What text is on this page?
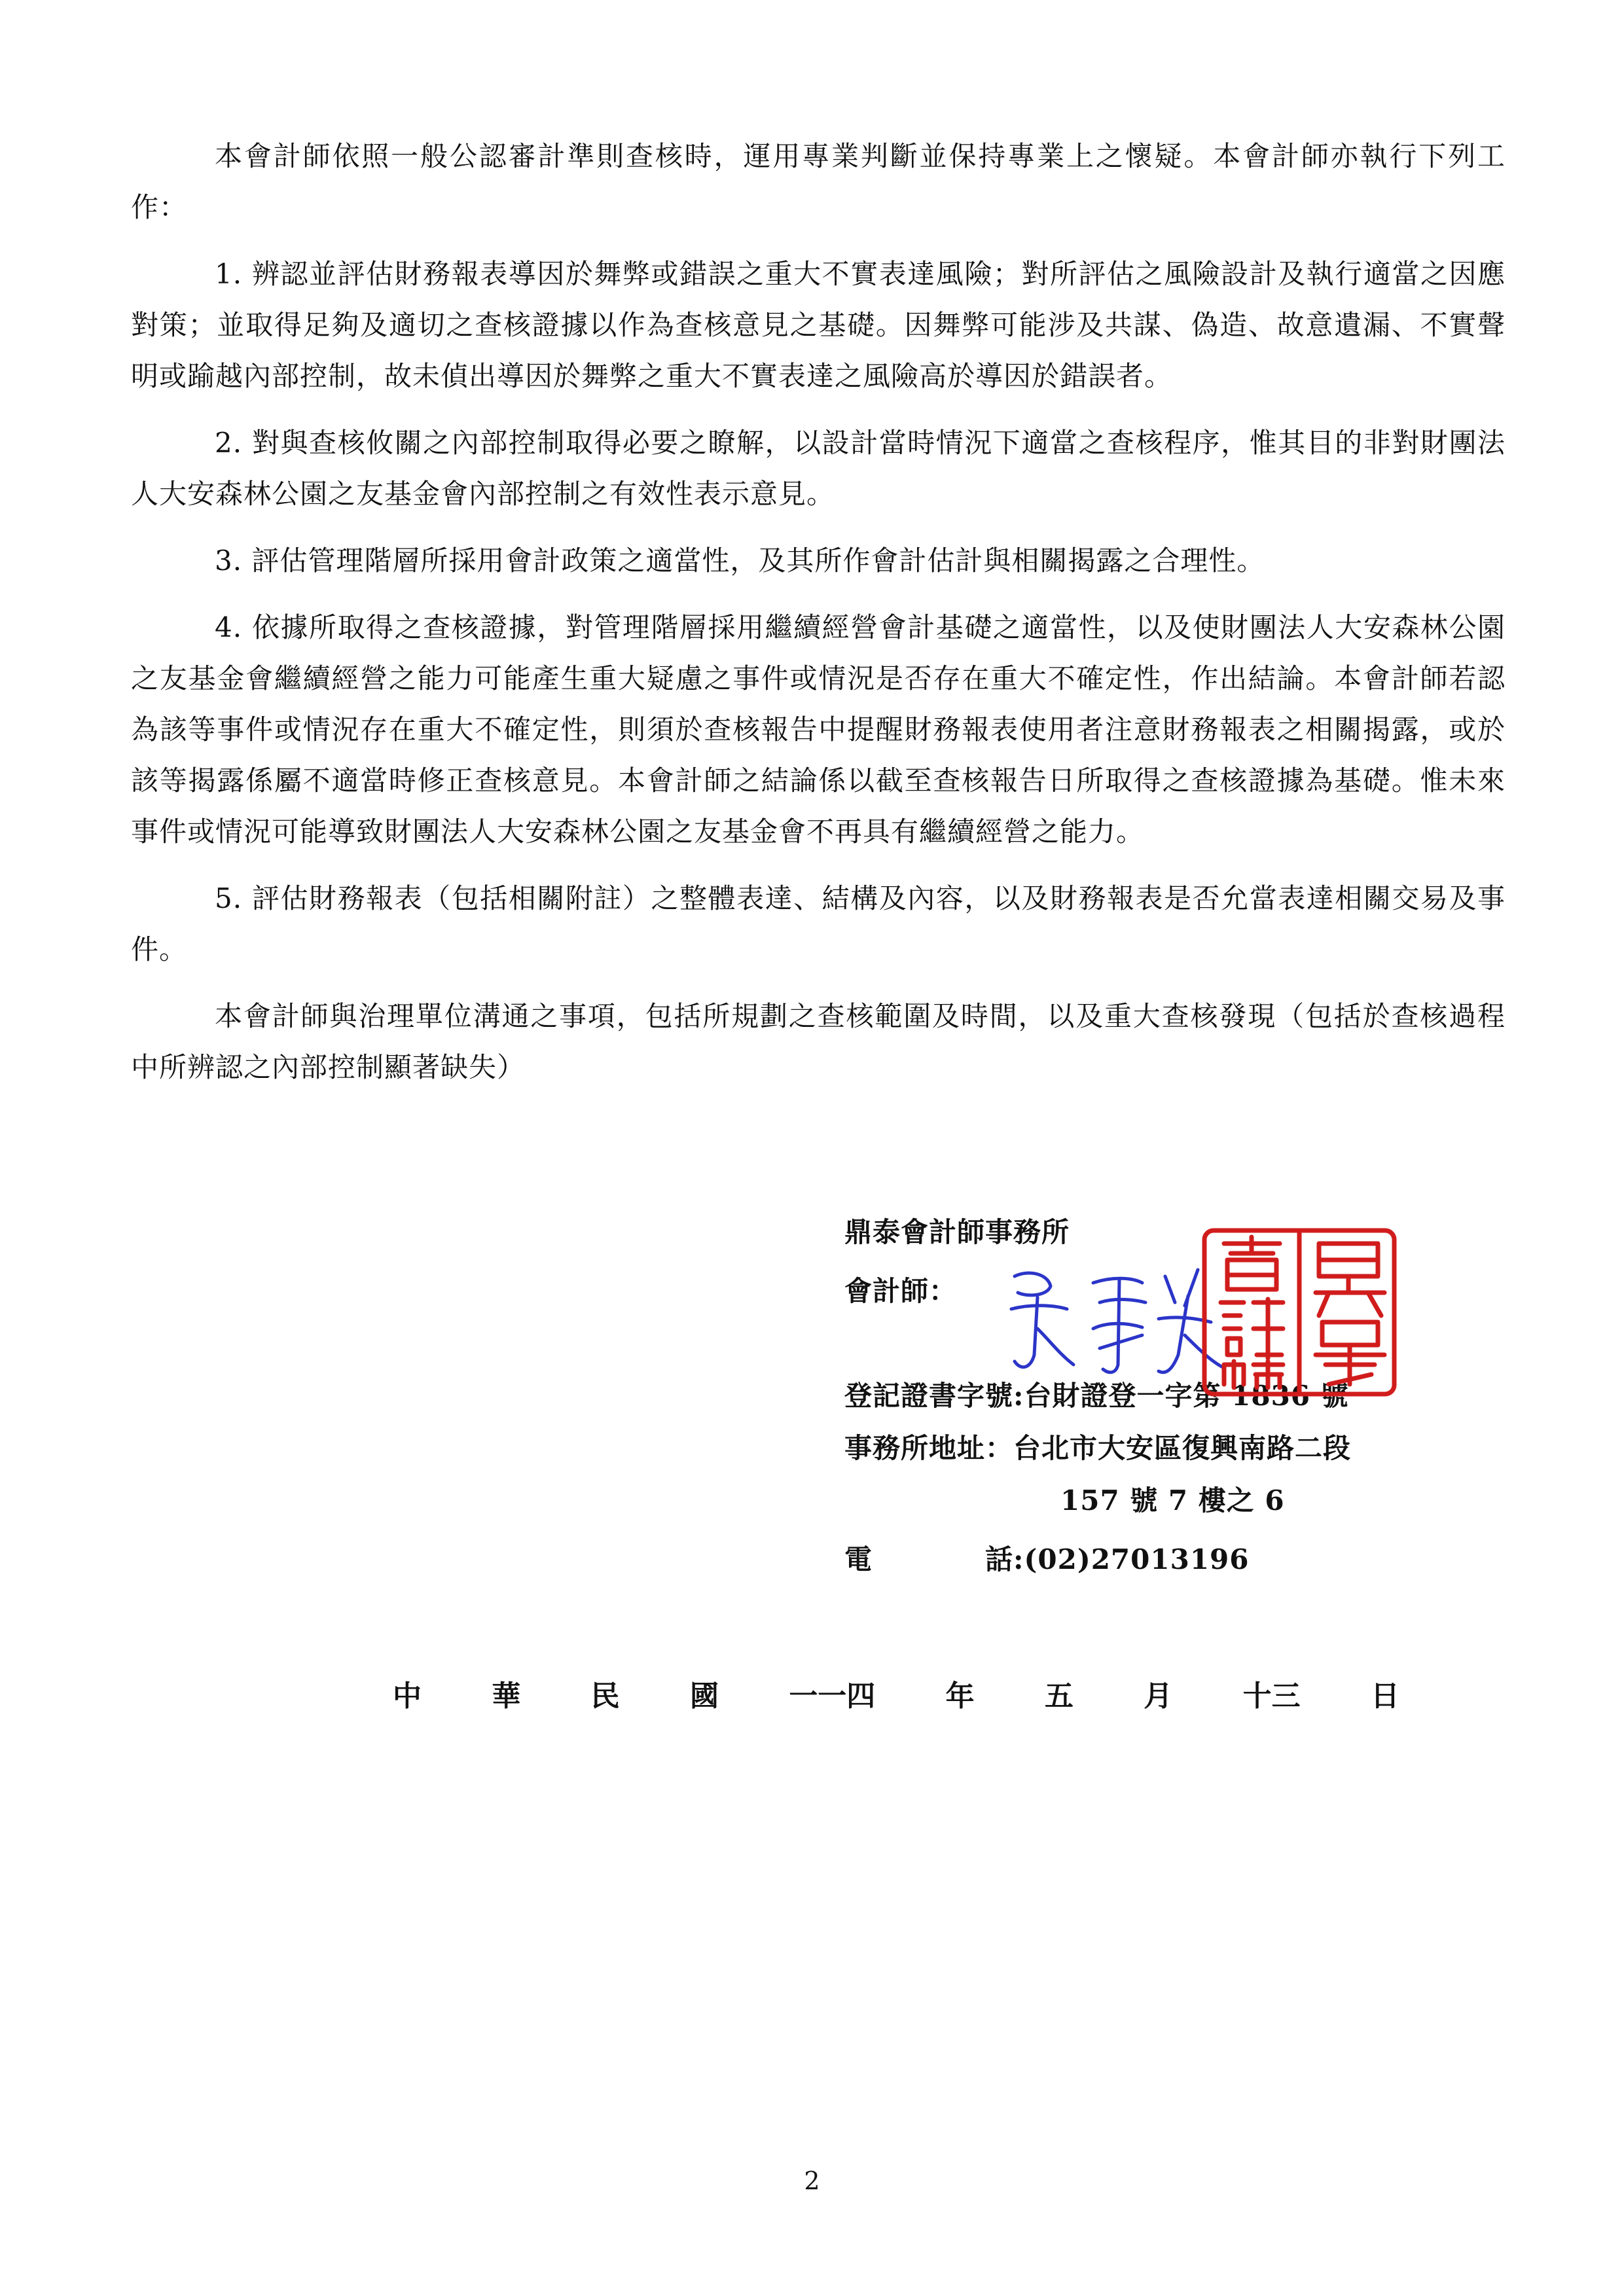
本會計師依照一般公認審計準則查核時，運用專業判斷並保持專業上之懷疑。本會計師亦執行下列工作：

1. 辨認並評估財務報表導因於舞弊或錯誤之重大不實表達風險；對所評估之風險設計及執行適當之因應對策；並取得足夠及適切之查核證據以作為查核意見之基礎。因舞弊可能涉及共謀、偽造、故意遺漏、不實聲明或踰越內部控制，故未偵出導因於舞弊之重大不實表達之風險高於導因於錯誤者。

2. 對與查核攸關之內部控制取得必要之瞭解，以設計當時情況下適當之查核程序，惟其目的非對財團法人大安森林公園之友基金會內部控制之有效性表示意見。

3. 評估管理階層所採用會計政策之適當性，及其所作會計估計與相關揭露之合理性。

4. 依據所取得之查核證據，對管理階層採用繼續經營會計基礎之適當性，以及使財團法人大安森林公園之友基金會繼續經營之能力可能產生重大疑慮之事件或情況是否存在重大不確定性，作出結論。本會計師若認為該等事件或情況存在重大不確定性，則須於查核報告中提醒財務報表使用者注意財務報表之相關揭露，或於該等揭露係屬不適當時修正查核意見。本會計師之結論係以截至查核報告日所取得之查核證據為基礎。惟未來事件或情況可能導致財團法人大安森林公園之友基金會不再具有繼續經營之能力。

5. 評估財務報表（包括相關附註）之整體表達、結構及內容，以及財務報表是否允當表達相關交易及事件。

本會計師與治理單位溝通之事項，包括所規劃之查核範圍及時間，以及重大查核發現（包括於查核過程中所辨認之內部控制顯著缺失）

鼎泰會計師事務所
會計師：
登記證書字號:台財證登一字第 1836 號
事務所地址：台北市大安區復興南路二段
157 號 7 樓之 6
電　　　　話:(02)27013196
中 華 民 國 一一四 年 五 月 十三 日
2
